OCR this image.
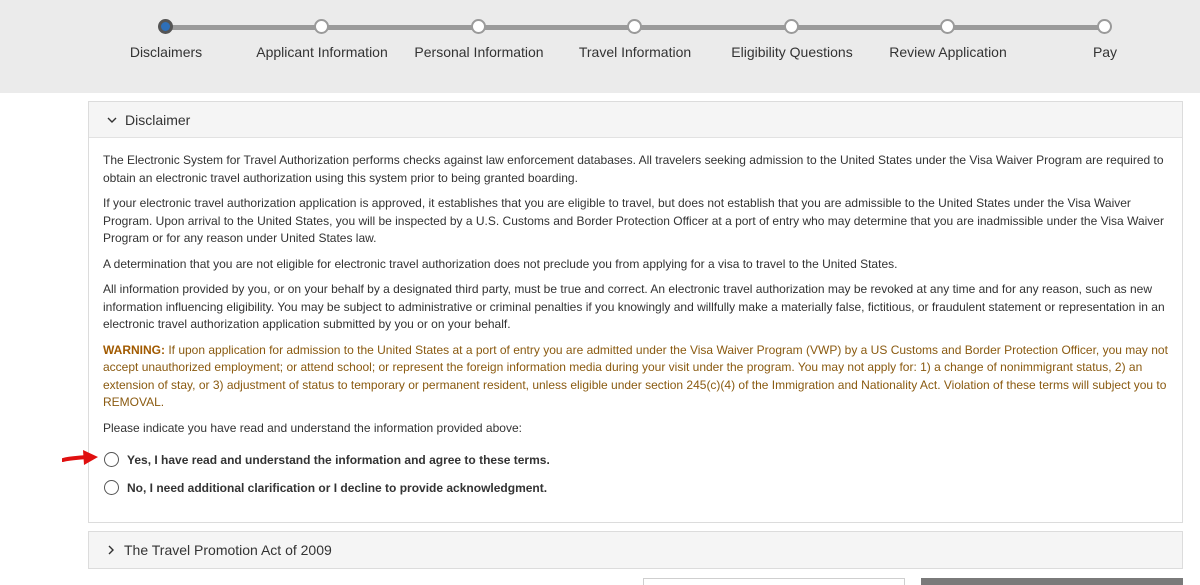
Disclaimers	Applicant Information Personal Information	Travel Information	Eligibility Questions	Review Application	Pay
Disclaimer

The Electronic System for Travel Authorization performs checks against law enforcement databases. All travelers seeking admission to the United States under the Visa Waiver Program are required to obtain an electronic travel authorization using this system prior to being granted boarding.

If your electronic travel authorization application is approved, it establishes that you are eligible to travel, but does not establish that you are admissible to the United States under the Visa Waiver Program. Upon arrival to the United States, you will be inspected by a U.S. Customs and Border Protection Officer at a port of entry who may determine that you are inadmissible under the Visa Waiver Program or for any reason under United States law.

A determination that you are not eligible for electronic travel authorization does not preclude you from applying for a visa to travel to the United States.

All information provided by you, or on your behalf by a designated third party, must be true and correct. An electronic travel authorization may be revoked at any time and for any reason, such as new information influencing eligibility. You may be subject to administrative or criminal penalties if you knowingly and willfully make a materially false, fictitious, or fraudulent statement or representation in an electronic travel authorization application submitted by you or on your behalf.

WARNING: If upon application for admission to the United States at a port of entry you are admitted under the Visa Waiver Program (VWP) by a US Customs and Border Protection Officer, you may not accept unauthorized employment; or attend school; or represent the foreign information media during your visit under the program. You may not apply for: 1) a change of nonimmigrant status, 2) an extension of stay, or 3) adjustment of status to temporary or permanent resident, unless eligible under section 245(c)(4) of the Immigration and Nationality Act. Violation of these terms will subject you to REMOVAL.

Please indicate you have read and understand the information provided above:

Yes, I have read and understand the information and agree to these terms.
No, I need additional clarification or I decline to provide acknowledgment.
The Travel Promotion Act of 2009
